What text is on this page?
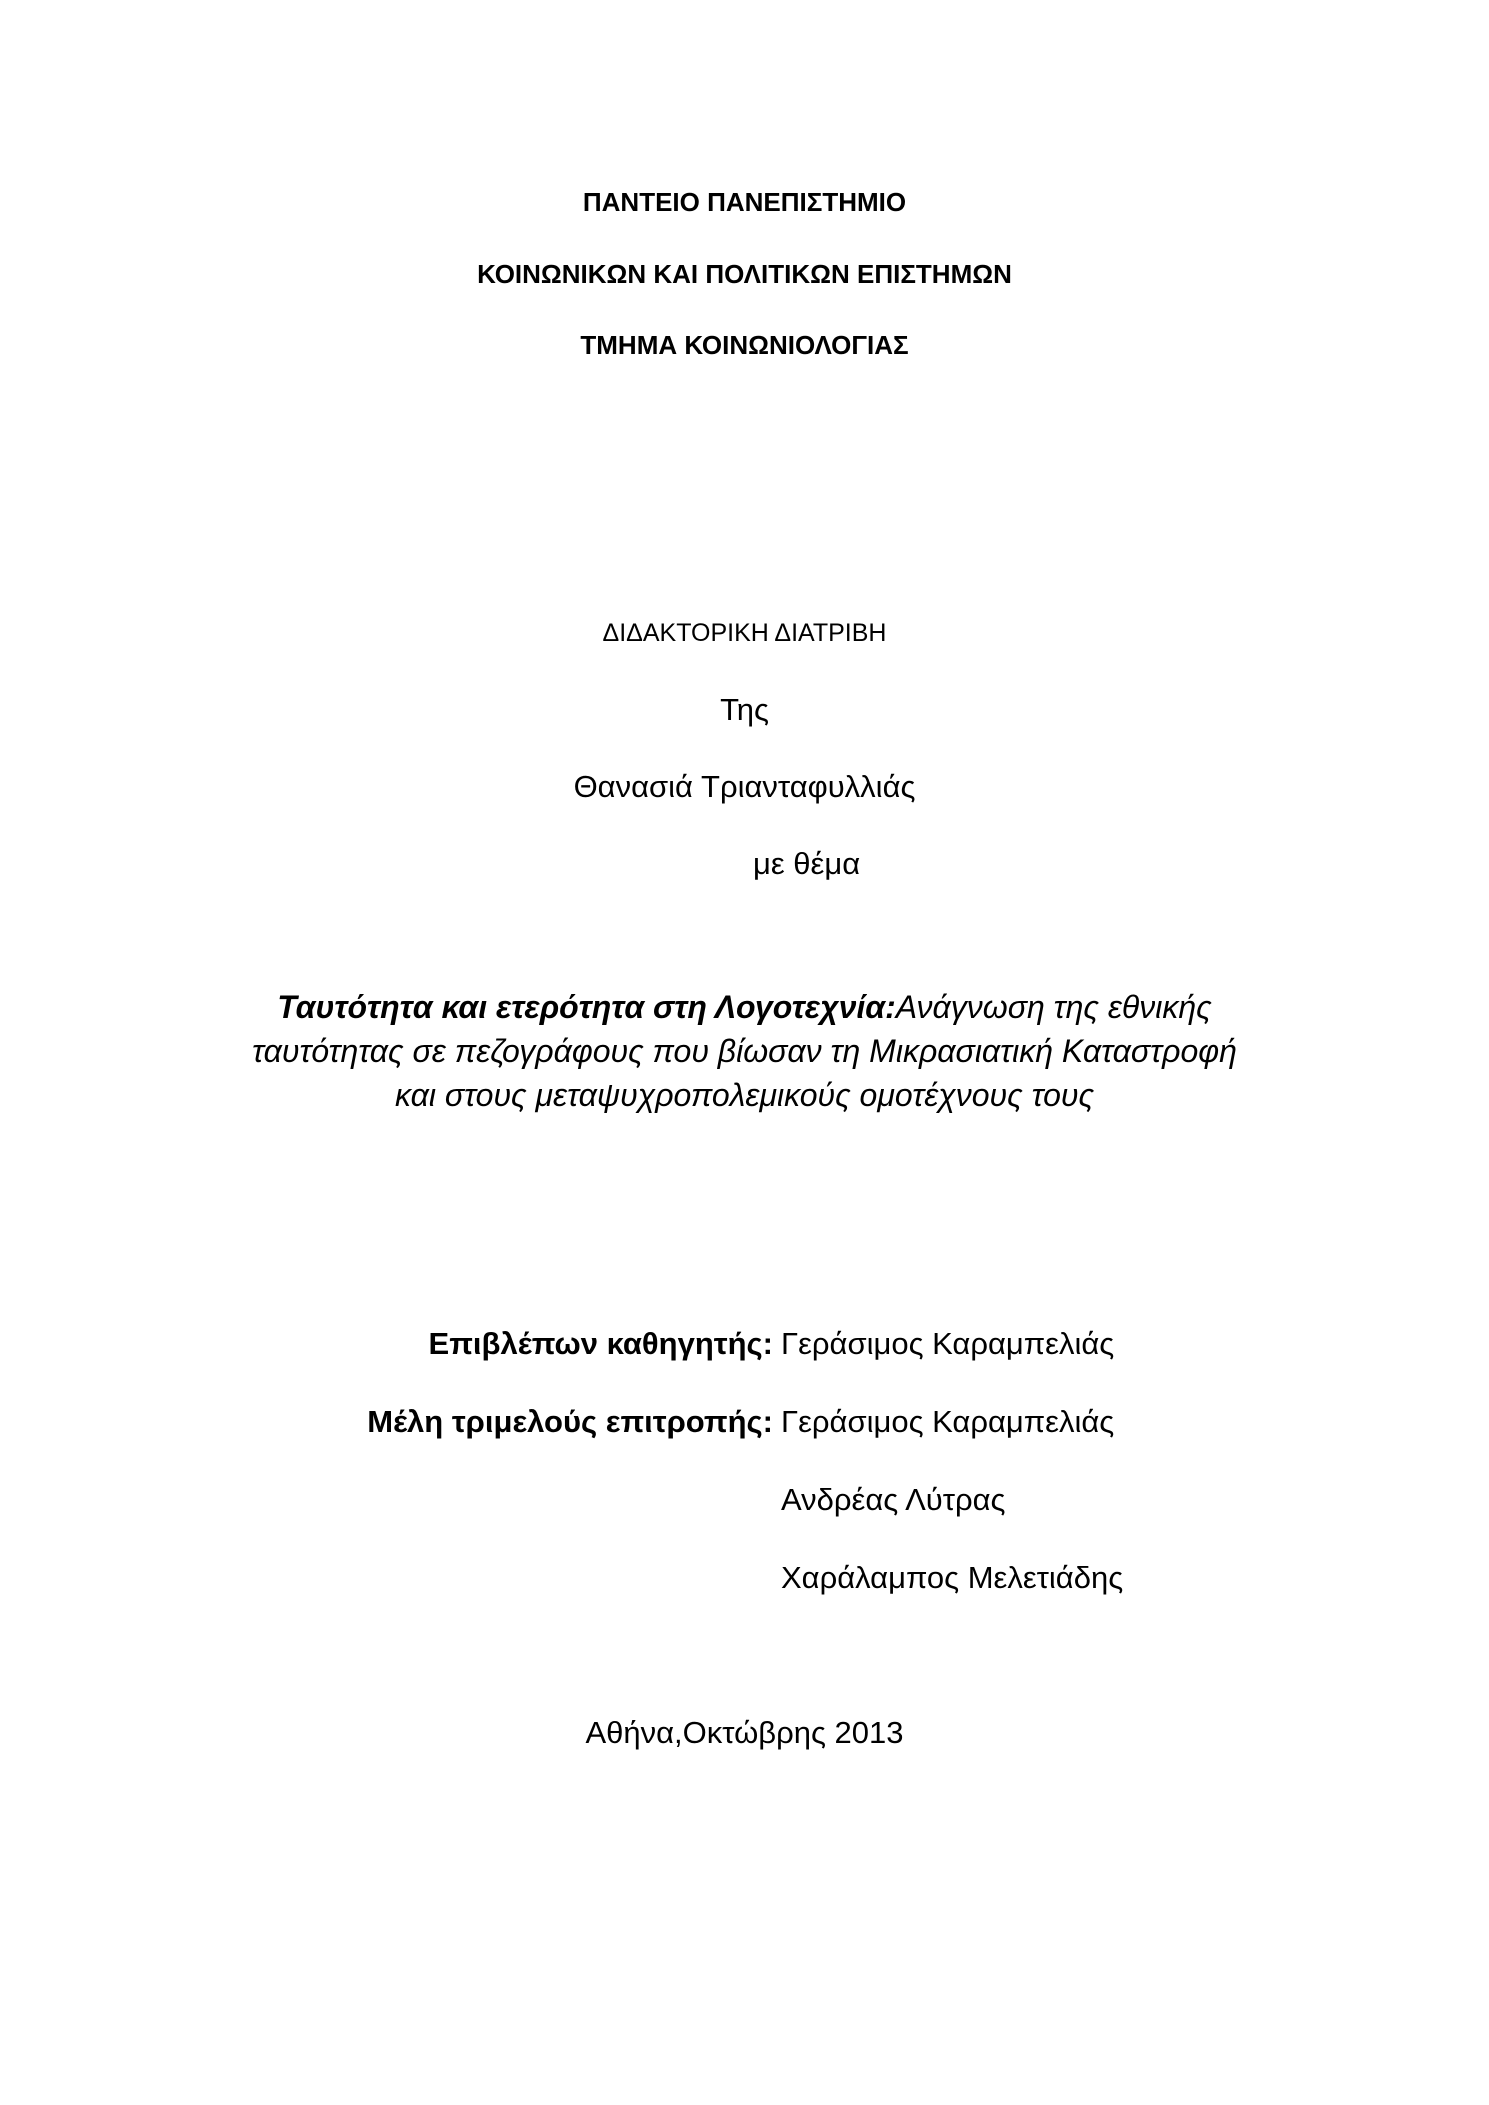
ΠΑΝΤΕΙΟ ΠΑΝΕΠΙΣΤΗΜΙΟ
ΚΟΙΝΩΝΙΚΩΝ ΚΑΙ ΠΟΛΙΤΙΚΩΝ ΕΠΙΣΤΗΜΩΝ
ΤΜΗΜΑ ΚΟΙΝΩΝΙΟΛΟΓΙΑΣ
ΔΙΔΑΚΤΟΡΙΚΗ ΔΙΑΤΡΙΒΗ
Της
Θανασιά Τριανταφυλλιάς
με θέμα
Ταυτότητα και ετερότητα στη Λογοτεχνία:Ανάγνωση της εθνικής
ταυτότητας σε πεζογράφους που βίωσαν τη Μικρασιατική Καταστροφή
και στους μεταψυχροπολεμικούς ομοτέχνους τους
Επιβλέπων καθηγητής: Γεράσιμος Καραμπελιάς
Μέλη τριμελούς επιτροπής: Γεράσιμος Καραμπελιάς
Ανδρέας Λύτρας
Χαράλαμπος Μελετιάδης
Αθήνα,Οκτώβρης 2013
